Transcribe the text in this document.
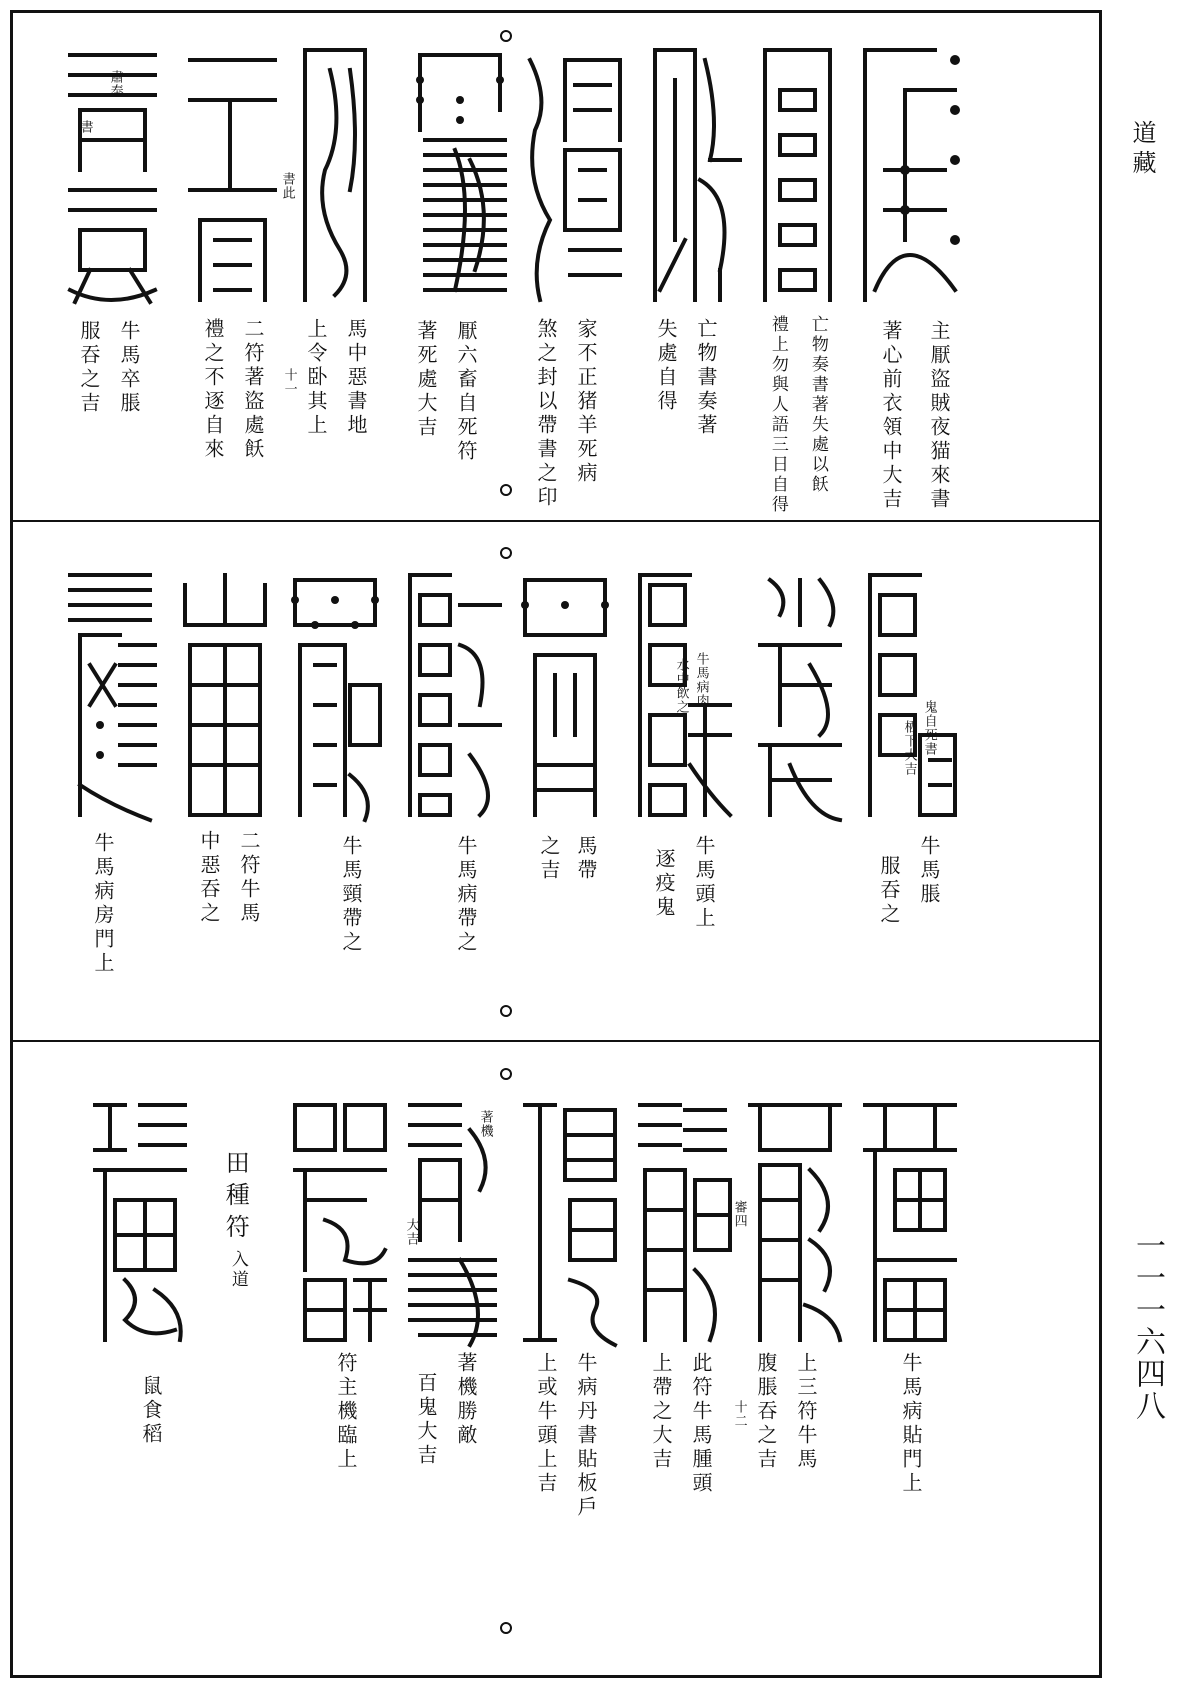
道藏
一一一六四八
書此
肅奉
書
主厭盜賊夜猫來書
著心前衣領中大吉
亡物奏書著失處以飫
禮上勿與人語三日自得
亡物書奏著
失處自得
家不正猪羊死病
煞之封以帶書之印
厭六畜自死符
著死處大吉
馬中惡書地
上令卧其上
十一
二符著盜處飫
禮之不逐自來
牛馬卒脹
服吞之吉
鬼自死書
栖下大吉
牛馬病肉
水中飲之
牛馬脹
服吞之
牛馬頭上
逐疫鬼
馬帶
之吉
牛馬病帶之
牛馬頸帶之
二符牛馬
中惡吞之
牛馬病房門上
審四
著機
大吉
牛馬病貼門上
上三符牛馬
腹脹吞之吉
十二
此符牛馬腫頭
上帶之大吉
牛病丹書貼板戶
上或牛頭上吉
著機勝敵
百鬼大吉
符主機臨上
田種符
入道
鼠食稻
